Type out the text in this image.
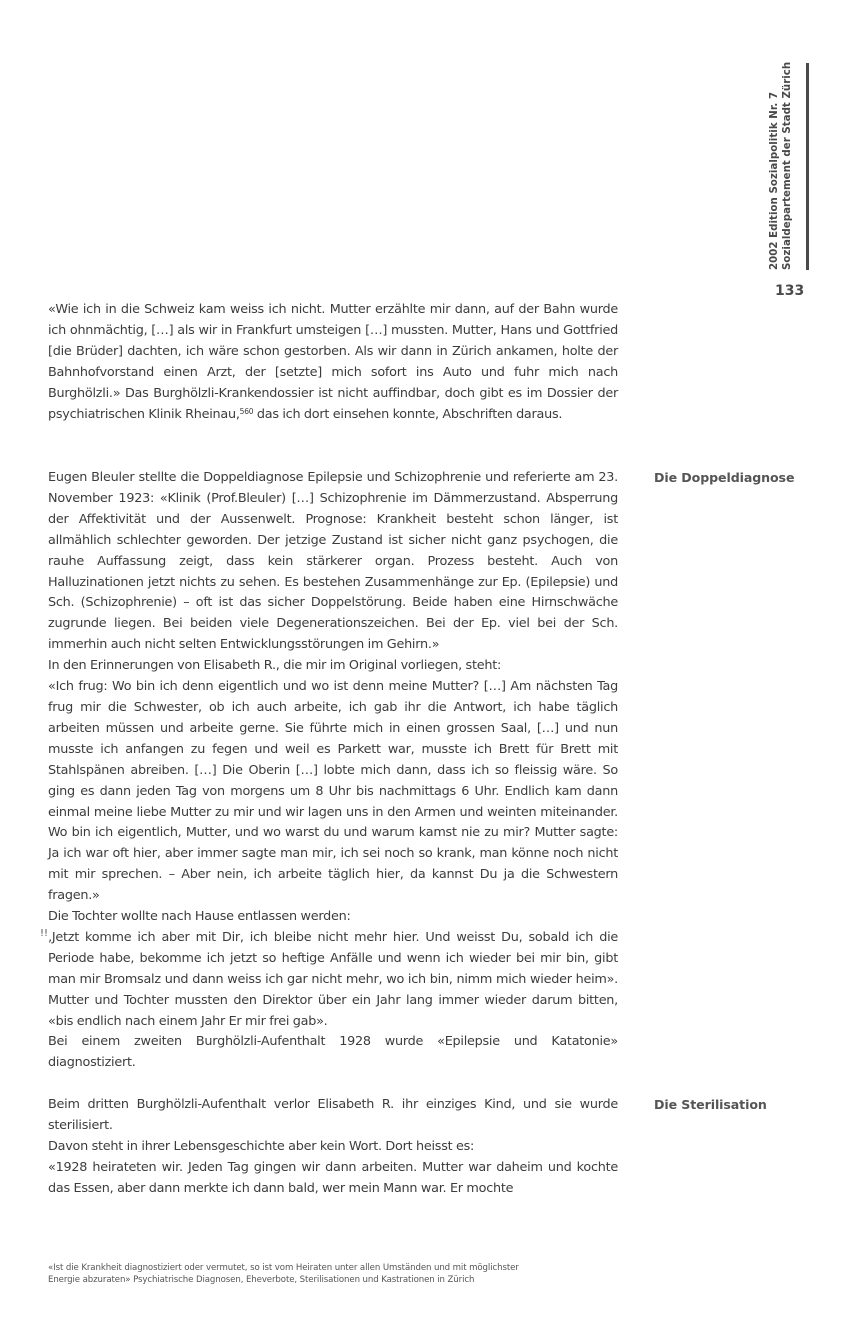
2002 Edition Sozialpolitik Nr. 7 Sozialdepartement der Stadt Zürich
133

«Wie ich in die Schweiz kam weiss ich nicht. Mutter erzählte mir dann, auf der Bahn wurde ich ohnmächtig, […] als wir in Frankfurt umsteigen […] mussten. Mutter, Hans und Gottfried [die Brüder] dachten, ich wäre schon gestorben. Als wir dann in Zürich ankamen, holte der Bahnhofvorstand einen Arzt, der [setzte] mich sofort ins Auto und fuhr mich nach Burghölzli.» Das Burghölzli-Krankendossier ist nicht auffindbar, doch gibt es im Dossier der psychiatrischen Klinik Rheinau,$^{560}$ das ich dort einsehen konnte, Abschriften daraus.

Die Doppeldiagnose

Eugen Bleuler stellte die Doppeldiagnose Epilepsie und Schizophrenie und referierte am 23. November 1923: «Klinik (Prof.Bleuler) […] Schizophrenie im Dämmerzustand. Absperrung der Affektivität und der Aussenwelt. Prognose: Krankheit besteht schon länger, ist allmählich schlechter geworden. Der jetzige Zustand ist sicher nicht ganz psychogen, die rauhe Auffassung zeigt, dass kein stärkerer organ. Prozess besteht. Auch von Halluzinationen jetzt nichts zu sehen. Es bestehen Zusammenhänge zur Ep. (Epilepsie) und Sch. (Schizophrenie) – oft ist das sicher Doppelstörung. Beide haben eine Hirnschwäche zugrunde liegen. Bei beiden viele Degenerationszeichen. Bei der Ep. viel bei der Sch. immerhin auch nicht selten Entwicklungsstörungen im Gehirn.»

In den Erinnerungen von Elisabeth R., die mir im Original vorliegen, steht:

«Ich frug: Wo bin ich denn eigentlich und wo ist denn meine Mutter? […] Am nächsten Tag frug mir die Schwester, ob ich auch arbeite, ich gab ihr die Antwort, ich habe täglich arbeiten müssen und arbeite gerne. Sie führte mich in einen grossen Saal, […] und nun musste ich anfangen zu fegen und weil es Parkett war, musste ich Brett für Brett mit Stahlspänen abreiben. […] Die Oberin […] lobte mich dann, dass ich so fleissig wäre. So ging es dann jeden Tag von morgens um 8 Uhr bis nachmittags 6 Uhr. Endlich kam dann einmal meine liebe Mutter zu mir und wir lagen uns in den Armen und weinten miteinander. Wo bin ich eigentlich, Mutter, und wo warst du und warum kamst nie zu mir? Mutter sagte: Ja ich war oft hier, aber immer sagte man mir, ich sei noch so krank, man könne noch nicht mit mir sprechen. – Aber nein, ich arbeite täglich hier, da kannst Du ja die Schwestern fragen.»

Die Tochter wollte nach Hause entlassen werden:

‚Jetzt komme ich aber mit Dir, ich bleibe nicht mehr hier. Und weisst Du, sobald ich die Periode habe, bekomme ich jetzt so heftige Anfälle und wenn ich wieder bei mir bin, gibt man mir Bromsalz und dann weiss ich gar nicht mehr, wo ich bin, nimm mich wieder heim». Mutter und Tochter mussten den Direktor über ein Jahr lang immer wieder darum bitten, «bis endlich nach einem Jahr Er mir frei gab».

Bei einem zweiten Burghölzli-Aufenthalt 1928 wurde «Epilepsie und Katatonie» diagnostiziert.

!!
Die Sterilisation

Beim dritten Burghölzli-Aufenthalt verlor Elisabeth R. ihr einziges Kind, und sie wurde sterilisiert.

Davon steht in ihrer Lebensgeschichte aber kein Wort. Dort heisst es:

«1928 heirateten wir. Jeden Tag gingen wir dann arbeiten. Mutter war daheim und kochte das Essen, aber dann merkte ich dann bald, wer mein Mann war. Er mochte

«Ist die Krankheit diagnostiziert oder vermutet, so ist vom Heiraten unter allen Umständen und mit möglichster
Energie abzuraten» Psychiatrische Diagnosen, Eheverbote, Sterilisationen und Kastrationen in Zürich
